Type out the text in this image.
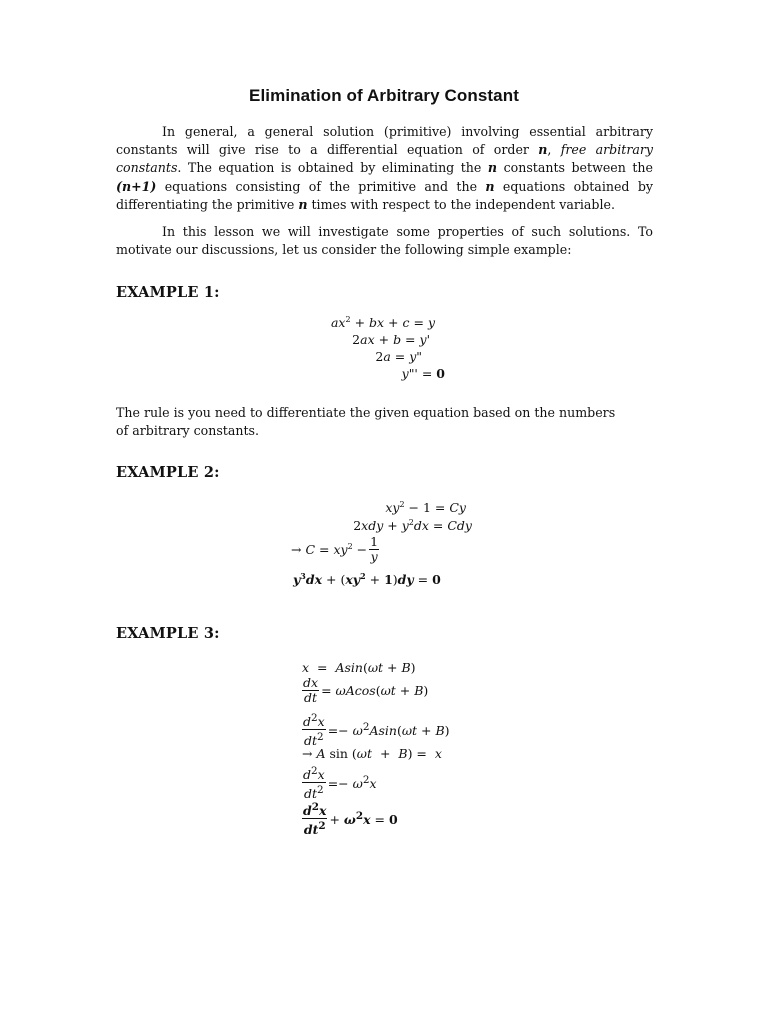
Elimination of Arbitrary Constant
In general, a general solution (primitive) involving essential arbitrary constants will give rise to a differential equation of order n, free arbitrary constants. The equation is obtained by eliminating the n constants between the (n+1) equations consisting of the primitive and the n equations obtained by differentiating the primitive n times with respect to the independent variable.
In this lesson we will investigate some properties of such solutions. To motivate our discussions, let us consider the following simple example:
EXAMPLE 1:
$ax^2$ + bx + c = y
2ax + b = y'
2a = y"
y"' = 0
The rule is you need to differentiate the given equation based on the numbers of arbitrary constants.
EXAMPLE 2:
$xy^2 - 1 = Cy$
$2xdy + y^2dx$ = Cdy
→ $C = xy^2 - \frac{1}{y}$
$y^3dx + (xy^2 + 1)dy = 0$
EXAMPLE 3:
x  =  Asin(ωt + B)
$\frac{dx}{dt} = \omega Acos(\omega t + B)$
$\frac{d^2x}{dt^2} =- \omega^2Asin(\omega t + B)$
→ A sin (ωt  +  B) =  x
$\frac{d^2x}{dt^2} =- \omega^2x$
$\frac{d^2x}{dt^2} + \omega^2x = 0$
